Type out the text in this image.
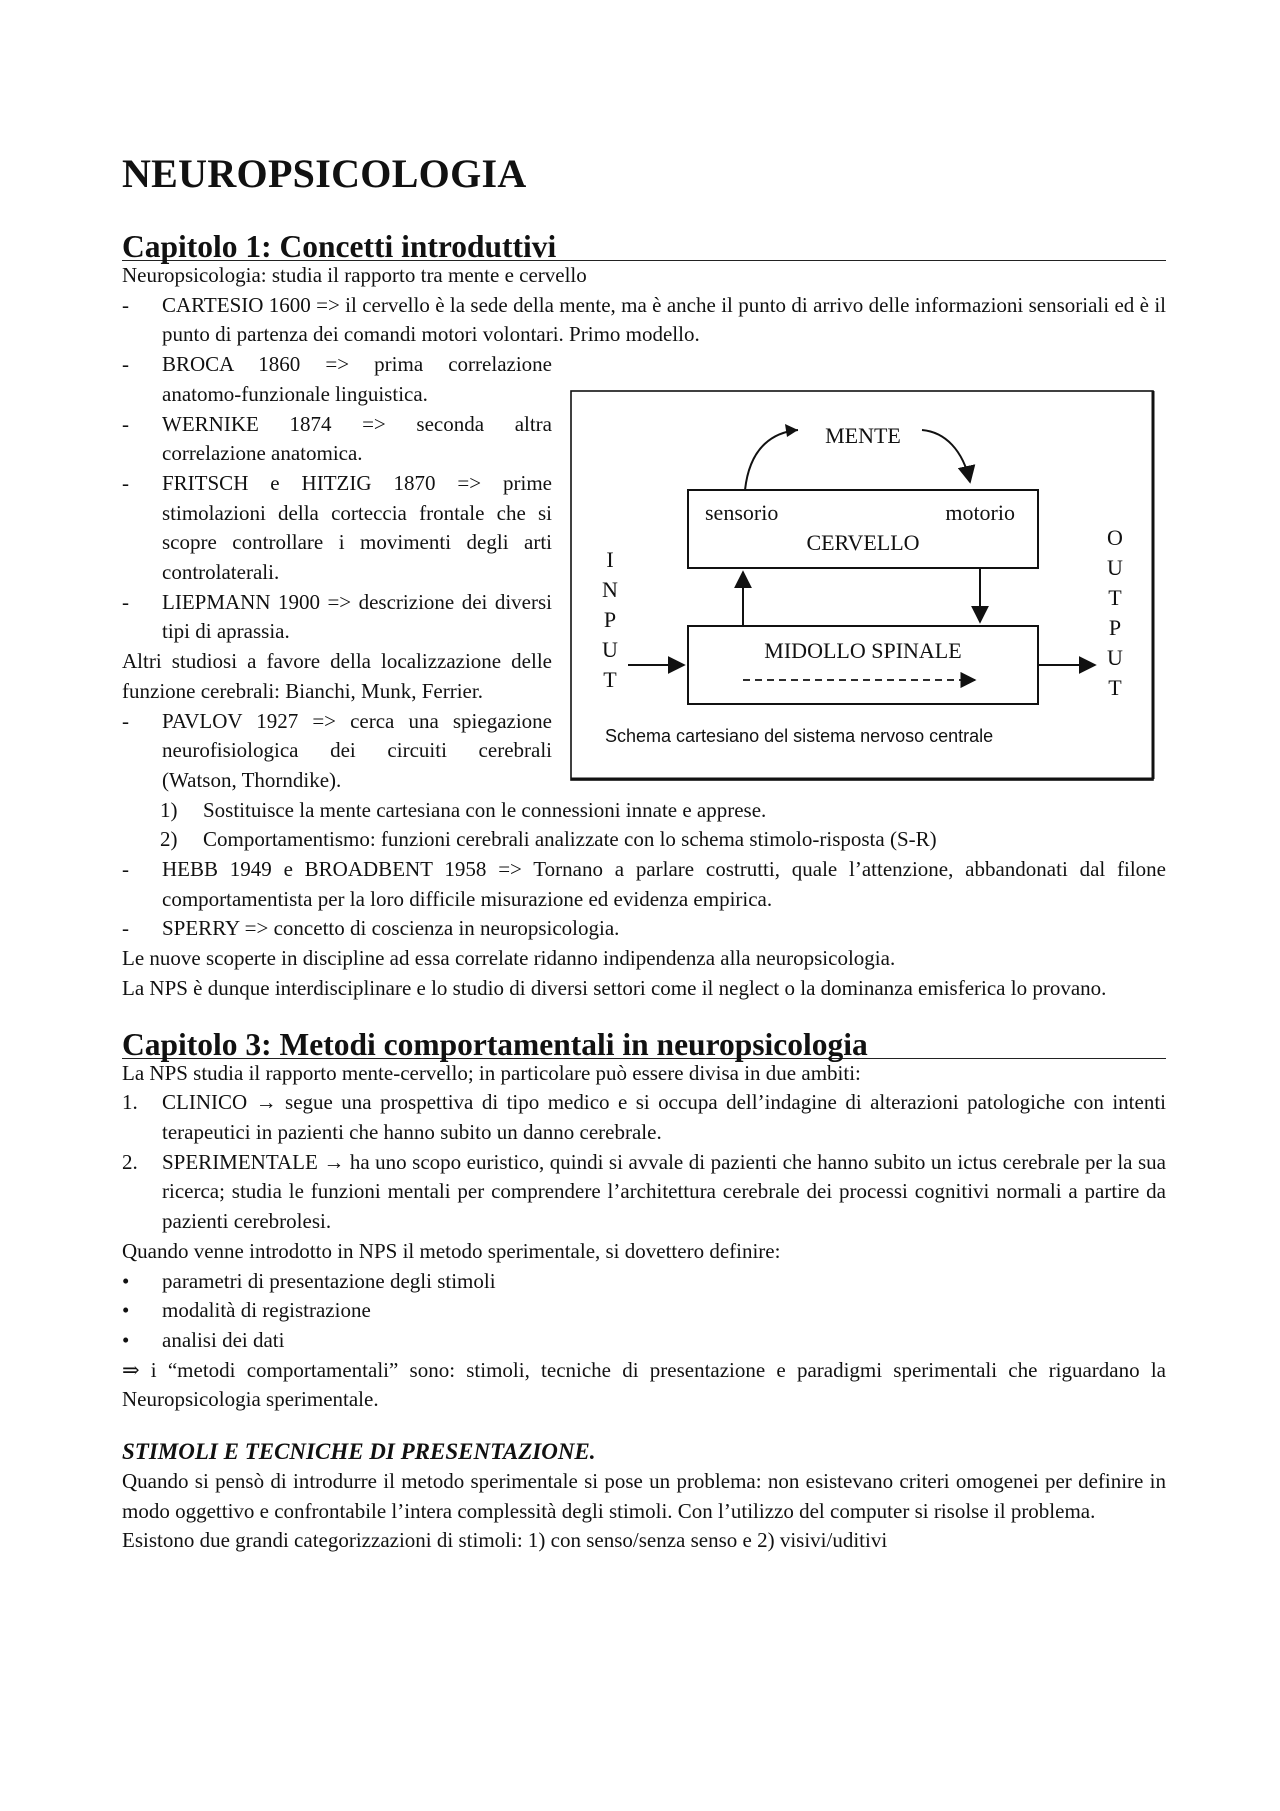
NEUROPSICOLOGIA
Capitolo 1: Concetti introduttivi

Neuropsicologia: studia il rapporto tra mente e cervello

-	CARTESIO 1600 => il cervello è la sede della mente, ma è anche il punto di arrivo delle informazioni sensoriali ed è il punto di partenza dei comandi motori volontari. Primo modello.
-	BROCA 1860 => prima correlazione anatomo-funzionale linguistica.
-	WERNIKE 1874 => seconda altra correlazione anatomica.
-	FRITSCH e HITZIG 1870 => prime stimolazioni della corteccia frontale che si scopre controllare i movimenti degli arti controlaterali.
-	LIEPMANN 1900 => descrizione dei diversi tipi di aprassia.

Altri studiosi a favore della localizzazione delle funzione cerebrali: Bianchi, Munk, Ferrier.

-	PAVLOV 1927 => cerca una spiegazione neurofisiologica dei circuiti cerebrali (Watson, Thorndike).
1)	Sostituisce la mente cartesiana con le connessioni innate e apprese.
2)	Comportamentismo: funzioni cerebrali analizzate con lo schema stimolo-risposta (S-R)
-	HEBB 1949 e BROADBENT 1958 => Tornano a parlare costrutti, quale l’attenzione, abbandonati dal filone comportamentista per la loro difficile misurazione ed evidenza empirica.
-	SPERRY => concetto di coscienza in neuropsicologia.

Le nuove scoperte in discipline ad essa correlate ridanno indipendenza alla neuropsicologia.

La NPS è dunque interdisciplinare e lo studio di diversi settori come il neglect o la dominanza emisferica lo provano.

Capitolo 3: Metodi comportamentali in neuropsicologia

La NPS studia il rapporto mente-cervello; in particolare può essere divisa in due ambiti:

1.	CLINICO → segue una prospettiva di tipo medico e si occupa dell’indagine di alterazioni patologiche con intenti terapeutici in pazienti che hanno subito un danno cerebrale.
2.	SPERIMENTALE → ha uno scopo euristico, quindi si avvale di pazienti che hanno subito un ictus cerebrale per la sua ricerca; studia le funzioni mentali per comprendere l’architettura cerebrale dei processi cognitivi normali a partire da pazienti cerebrolesi.

Quando venne introdotto in NPS il metodo sperimentale, si dovettero definire:

•	parametri di presentazione degli stimoli
•	modalità di registrazione
•	analisi dei dati

⇒ i “metodi comportamentali” sono: stimoli, tecniche di presentazione e paradigmi sperimentali che riguardano la Neuropsicologia sperimentale.

STIMOLI E TECNICHE DI PRESENTAZIONE.

Quando si pensò di introdurre il metodo sperimentale si pose un problema: non esistevano criteri omogenei per definire in modo oggettivo e confrontabile l’intera complessità degli stimoli. Con l’utilizzo del computer si risolse il problema.

Esistono due grandi categorizzazioni di stimoli: 1) con senso/senza senso e 2) visivi/uditivi

MENTE
sensorio	motorio
CERVELLO
MIDOLLO SPINALE
I N P U T
O U T P U T
Schema cartesiano del sistema nervoso centrale
